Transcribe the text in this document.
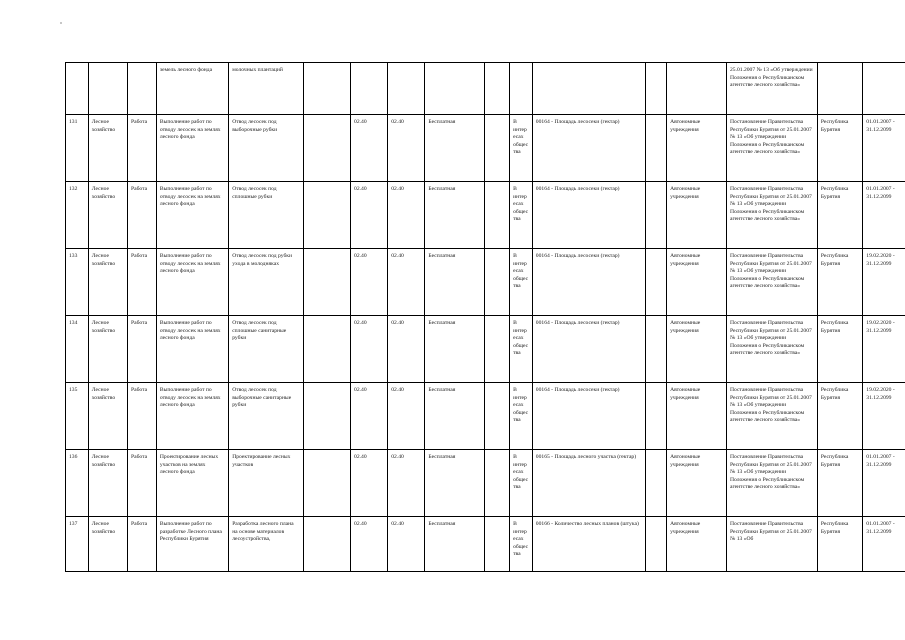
			земель лесного фонда	молочных плантаций										25.01.2007 № 13 «Об утверждении Положения о Республиканском агентстве лесного хозяйства»		
131	Лесное хозяйство	Работа	Выполнение работ по отводу лесосек на землях лесного фонда	Отвод лесосек под выборочные рубки		02.40	02.40	Бесплатная		В интересах общества	00164 - Площадь лесосеки (гектар)		Автономные учреждения	Постановление Правительства Республики Бурятия от 25.01.2007 № 13 «Об утверждении Положения о Республиканском агентстве лесного хозяйства»	Республика Бурятия	01.01.2007 - 31.12.2099
132	Лесное хозяйство	Работа	Выполнение работ по отводу лесосек на землях лесного фонда	Отвод лесосек под сплошные рубки		02.40	02.40	Бесплатная		В интересах общества	00164 - Площадь лесосеки (гектар)		Автономные учреждения	Постановление Правительства Республики Бурятия от 25.01.2007 № 13 «Об утверждении Положения о Республиканском агентстве лесного хозяйства»	Республика Бурятия	01.01.2007 - 31.12.2099
133	Лесное хозяйство	Работа	Выполнение работ по отводу лесосек на землях лесного фонда	Отвод лесосек под рубки ухода в молодняках		02.40	02.40	Бесплатная		В интересах общества	00164 - Площадь лесосеки (гектар)		Автономные учреждения	Постановление Правительства Республики Бурятия от 25.01.2007 № 13 «Об утверждении Положения о Республиканском агентстве лесного хозяйства»	Республика Бурятия	19.02.2020 - 31.12.2099
134	Лесное хозяйство	Работа	Выполнение работ по отводу лесосек на землях лесного фонда	Отвод лесосек под сплошные санитарные рубки		02.40	02.40	Бесплатная		В интересах общества	00164 - Площадь лесосеки (гектар)		Автономные учреждения	Постановление Правительства Республики Бурятия от 25.01.2007 № 13 «Об утверждении Положения о Республиканском агентстве лесного хозяйства»	Республика Бурятия	19.02.2020 - 31.12.2099
135	Лесное хозяйство	Работа	Выполнение работ по отводу лесосек на землях лесного фонда	Отвод лесосек под выборочные санитарные рубки		02.40	02.40	Бесплатная		В интересах общества	00164 - Площадь лесосеки (гектар)		Автономные учреждения	Постановление Правительства Республики Бурятия от 25.01.2007 № 13 «Об утверждении Положения о Республиканском агентстве лесного хозяйства»	Республика Бурятия	19.02.2020 - 31.12.2099
136	Лесное хозяйство	Работа	Проектирование лесных участков на землях лесного фонда	Проектирование лесных участков		02.40	02.40	Бесплатная		В интересах общества	00165 - Площадь лесного участка (гектар)		Автономные учреждения	Постановление Правительства Республики Бурятия от 25.01.2007 № 13 «Об утверждении Положения о Республиканском агентстве лесного хозяйства»	Республика Бурятия	01.01.2007 - 31.12.2099
137	Лесное хозяйство	Работа	Выполнение работ по разработке Лесного плана Республики Бурятия	Разработка лесного плана на основе материалов лесоустройства,		02.40	02.40	Бесплатная		В интересах общества	00166 - Количество лесных планов (штука)		Автономные учреждения	Постановление Правительства Республики Бурятия от 25.01.2007 № 13 «Об	Республика Бурятия	01.01.2007 - 31.12.2099
